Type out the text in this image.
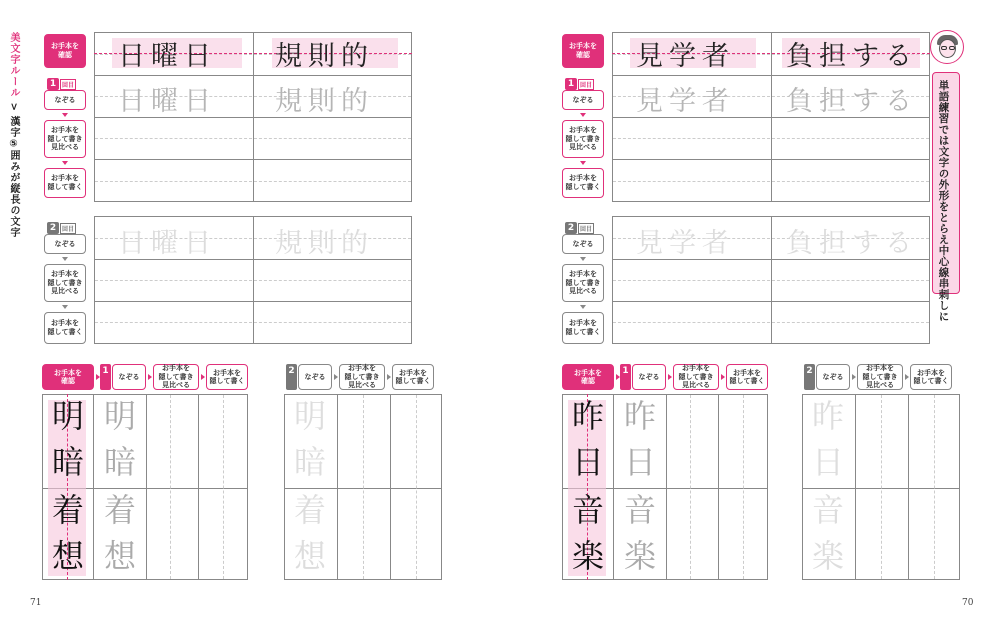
美文字ルール > 漢字⑤囲みが縦長の文字
お手本を
確認
1 回目
なぞる
お手本を
隠して書き
見比べる
お手本を
隠して書く
日曜日 規則的
日曜日 規則的
2 回目
なぞる
お手本を
隠して書き
見比べる
お手本を
隠して書く
日曜日 規則的
お手本を
確認
1
なぞる
お手本を
隠して書き
見比べる
お手本を
隠して書く
明
暗
着
想
明
暗
着
想
2
なぞる
お手本を
隠して書き
見比べる
お手本を
隠して書く
明
暗
着
想
71
お手本を
確認
1 回目
なぞる
お手本を
隠して書き
見比べる
お手本を
隠して書く
見学者 負担する
見学者 負担する
2 回目
なぞる
お手本を
隠して書き
見比べる
お手本を
隠して書く
見学者 負担する
お手本を
確認
1
なぞる
お手本を
隠して書き
見比べる
お手本を
隠して書く
昨
日
音
楽
昨
日
音
楽
2
なぞる
お手本を
隠して書き
見比べる
お手本を
隠して書く
昨
日
音
楽
単語練習では文字の外形をとらえ中心線串刺しに
70
